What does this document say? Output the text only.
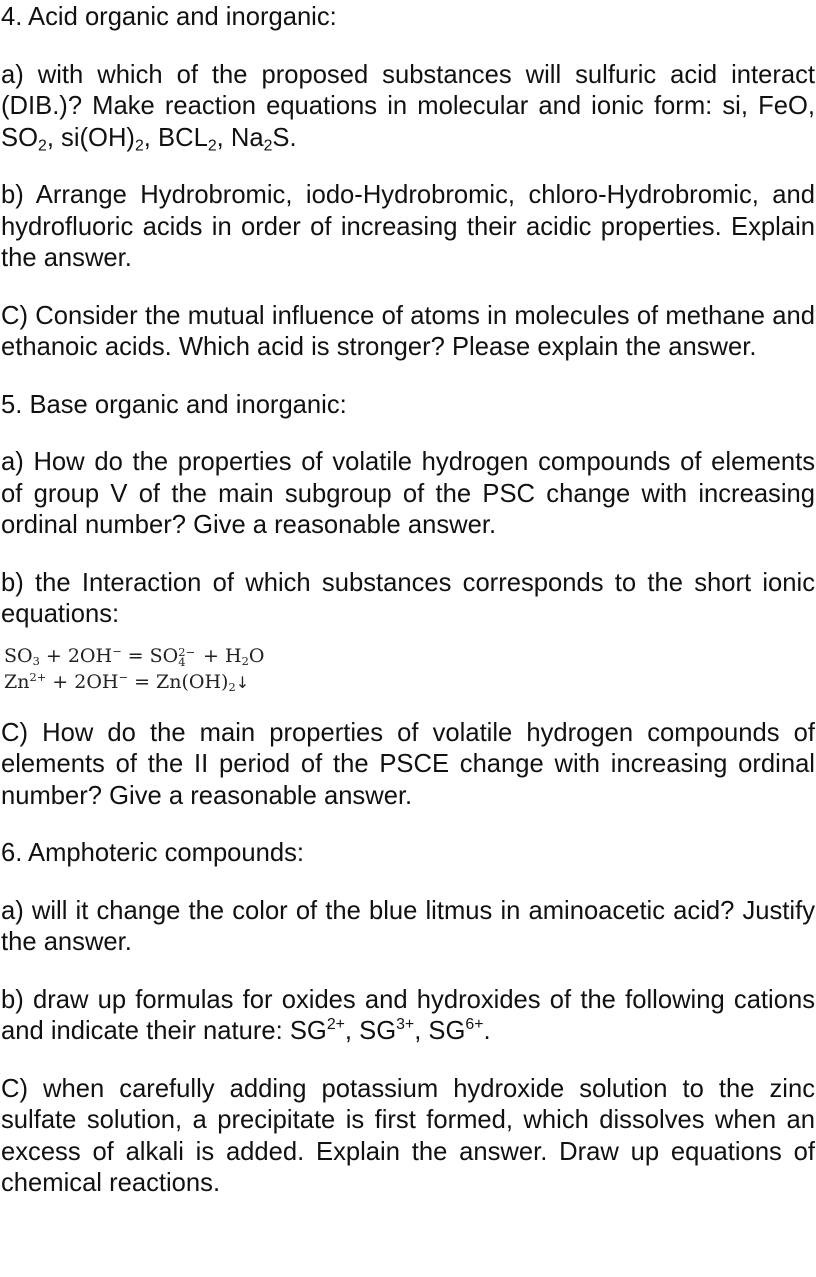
4. Acid organic and inorganic:

a) with which of the proposed substances will sulfuric acid interact (DIB.)? Make reaction equations in molecular and ionic form: si, FeO, $SO_2$, $si(OH)_2$, $BCL_2$, $Na_2S$.

b) Arrange Hydrobromic, iodo-Hydrobromic, chloro-Hydrobromic, and hydrofluoric acids in order of increasing their acidic properties. Explain the answer.

C) Consider the mutual influence of atoms in molecules of methane and ethanoic acids. Which acid is stronger? Please explain the answer.

5. Base organic and inorganic:

a) How do the properties of volatile hydrogen compounds of elements of group V of the main subgroup of the PSC change with increasing ordinal number? Give a reasonable answer.

b) the Interaction of which substances corresponds to the short ionic equations:

$SO_3 + 2OH^-$ = SO 2−
$4 + H_2O$
$Zn^{2+} + 2OH^-$ = $Zn(OH)_2↓$

C) How do the main properties of volatile hydrogen compounds of elements of the II period of the PSCE change with increasing ordinal number? Give a reasonable answer.

6. Amphoteric compounds:

a) will it change the color of the blue litmus in aminoacetic acid? Justify the answer.

b) draw up formulas for oxides and hydroxides of the following cations and indicate their nature: $SG^{2+}$, $SG^{3+}$, $SG^{6+}$.

C) when carefully adding potassium hydroxide solution to the zinc sulfate solution, a precipitate is first formed, which dissolves when an excess of alkali is added. Explain the answer. Draw up equations of chemical reactions.
